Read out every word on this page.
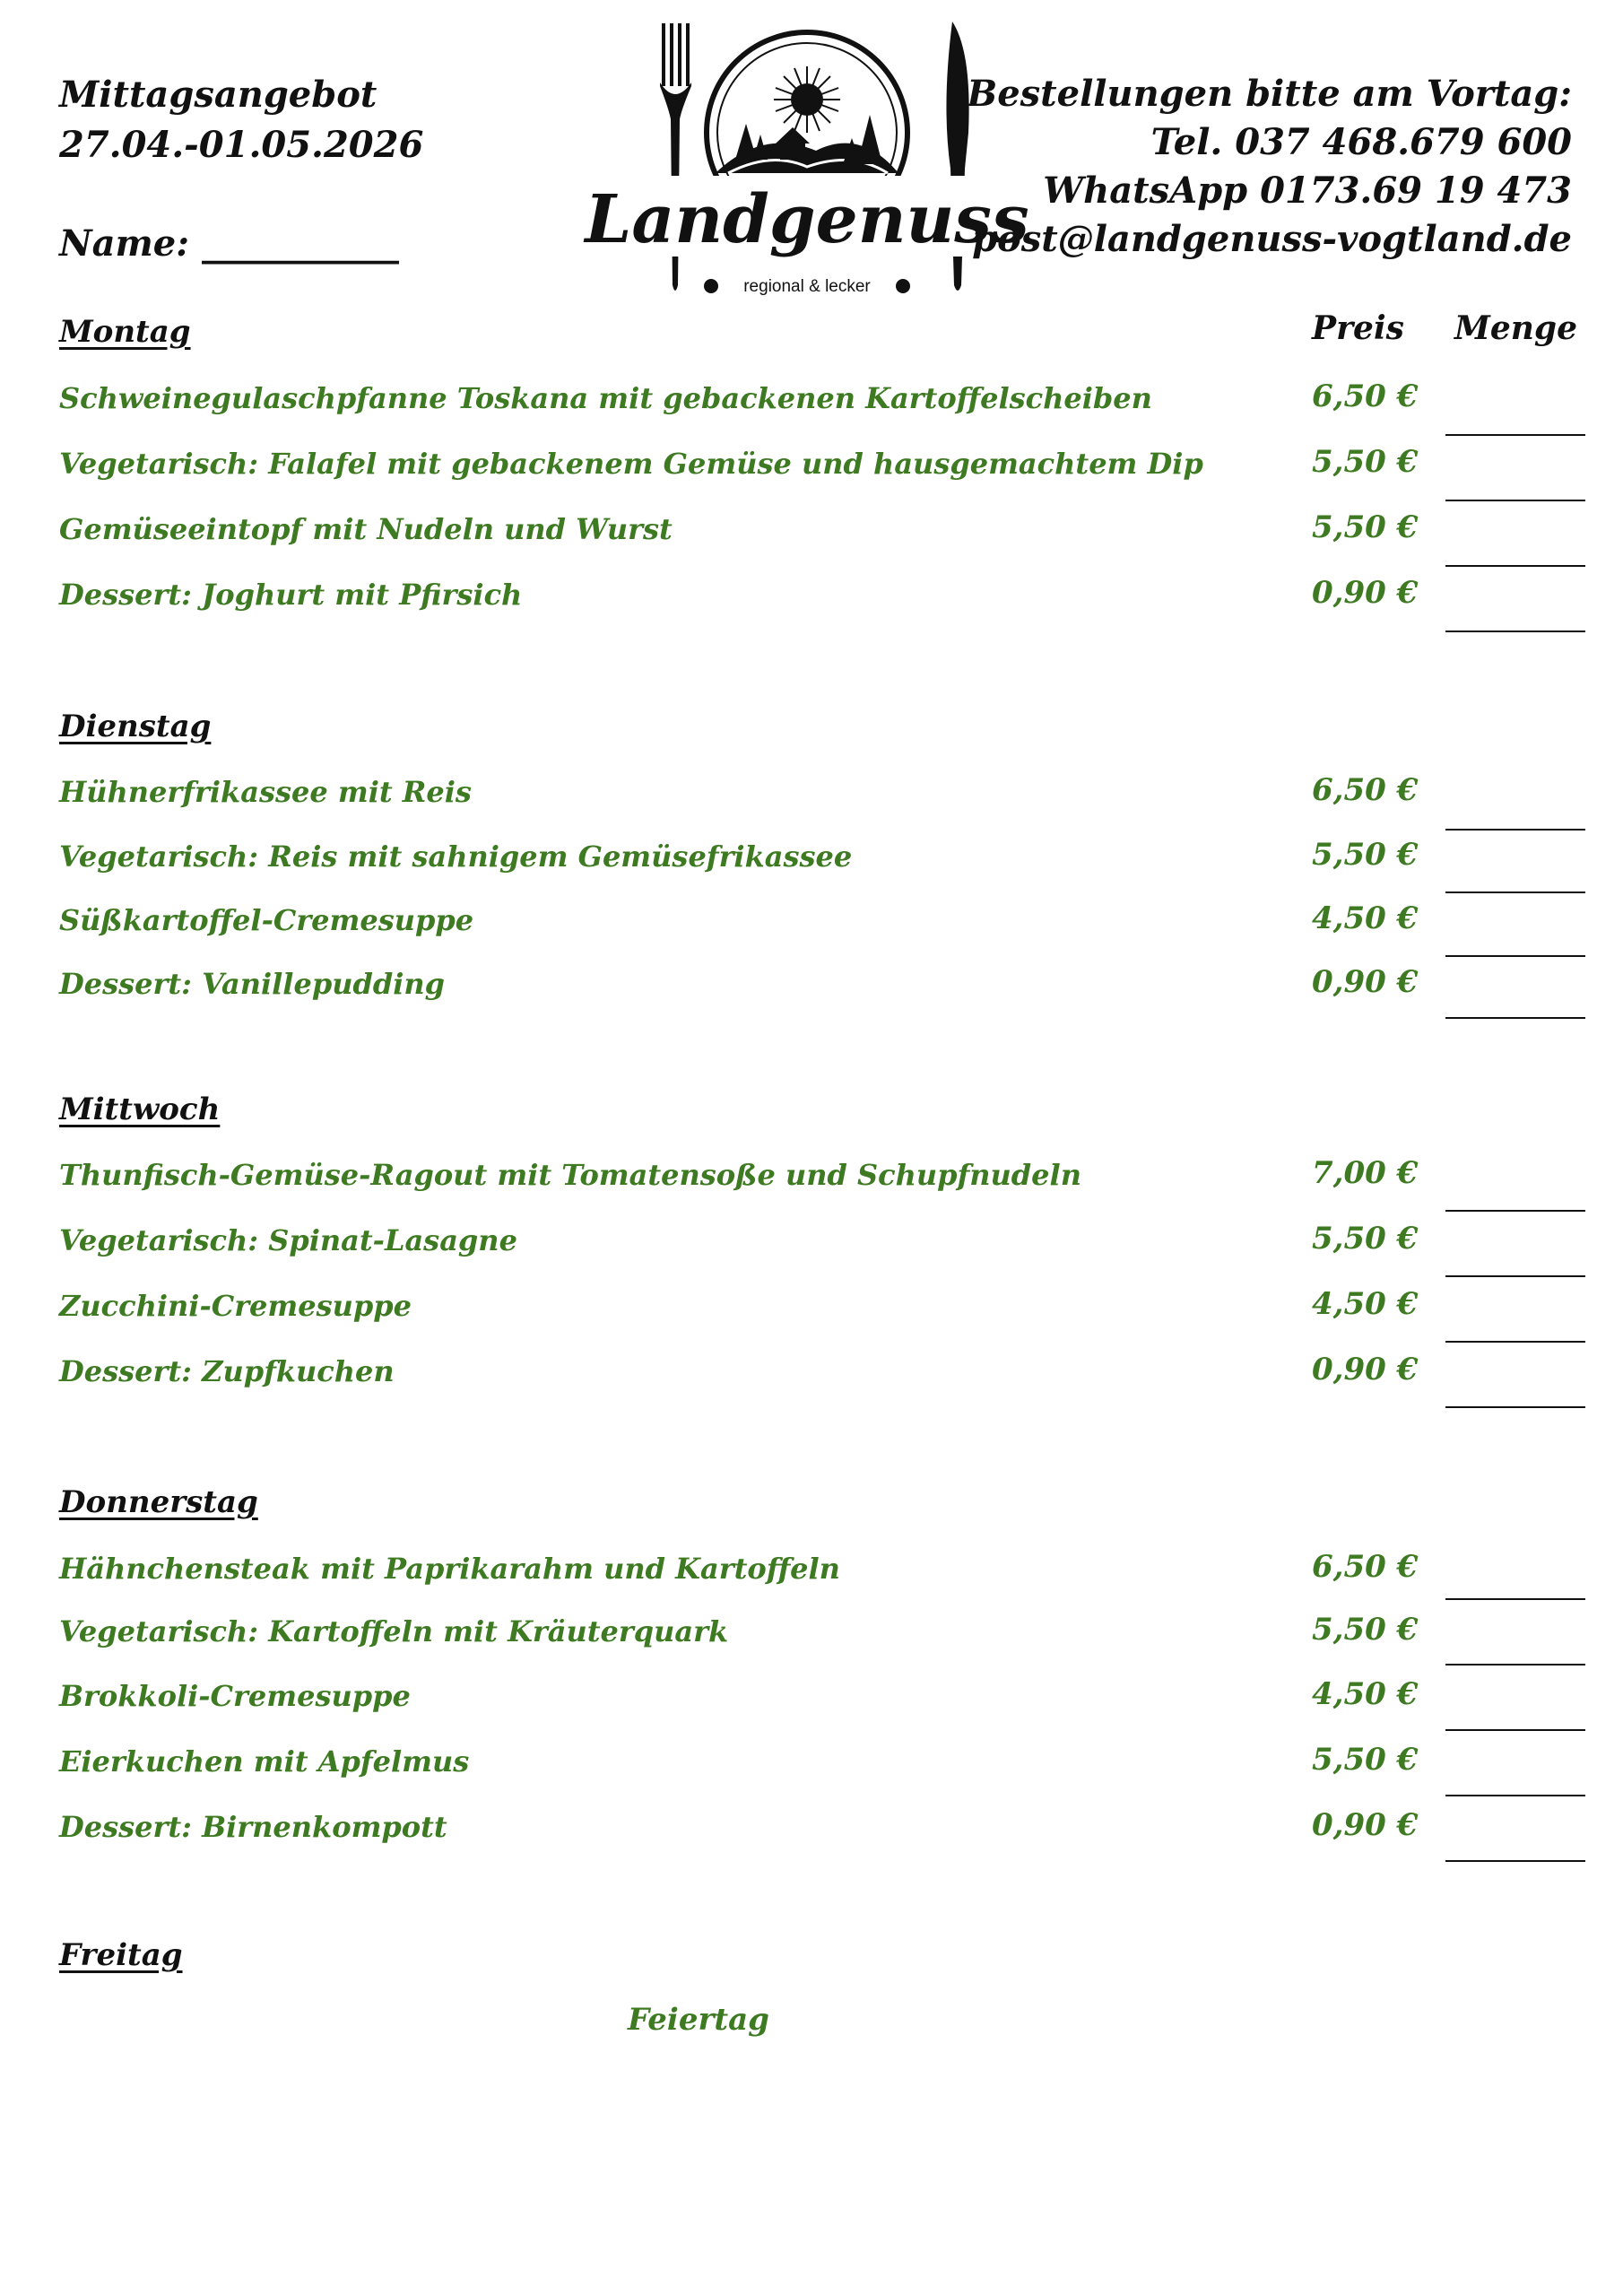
Mittagsangebot
27.04.-01.05.2026
Name: ___________	Landgenuss
regional & lecker
Bestellungen bitte am Vortag:
Tel. 037 468.679 600
WhatsApp 0173.69 19 473
post@landgenuss-vogtland.de
Preis Menge
Montag
Schweinegulaschpfanne Toskana mit gebackenen Kartoffelscheiben	6,50 €
Vegetarisch: Falafel mit gebackenem Gemüse und hausgemachtem Dip	5,50 €
Gemüseeintopf mit Nudeln und Wurst	5,50 €
Dessert: Joghurt mit Pfirsich	0,90 €
Dienstag
Hühnerfrikassee mit Reis	6,50 €
Vegetarisch: Reis mit sahnigem Gemüsefrikassee	5,50 €
Süßkartoffel-Cremesuppe	4,50 €
Dessert: Vanillepudding	0,90 €
Mittwoch
Thunfisch-Gemüse-Ragout mit Tomatensoße und Schupfnudeln	7,00 €
Vegetarisch: Spinat-Lasagne	5,50 €
Zucchini-Cremesuppe	4,50 €
Dessert: Zupfkuchen	0,90 €
Donnerstag
Hähnchensteak mit Paprikarahm und Kartoffeln	6,50 €
Vegetarisch: Kartoffeln mit Kräuterquark	5,50 €
Brokkoli-Cremesuppe	4,50 €
Eierkuchen mit Apfelmus	5,50 €
Dessert: Birnenkompott	0,90 €
Freitag
Feiertag
